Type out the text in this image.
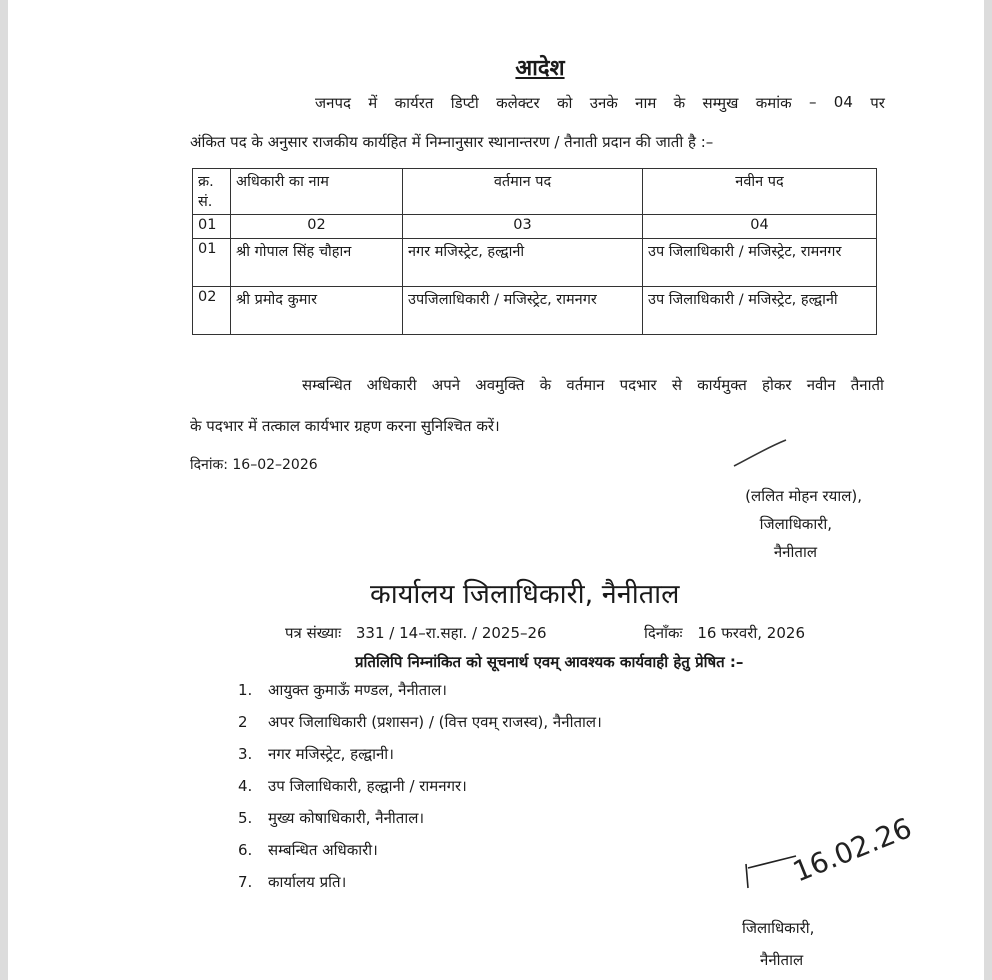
आदेश
जनपद में कार्यरत डिप्टी कलेक्टर को उनके नाम के सम्मुख कमांक – 04 पर
अंकित पद के अनुसार राजकीय कार्यहित में निम्नानुसार स्थानान्तरण / तैनाती प्रदान की जाती है :–
क्र. सं.	अधिकारी का नाम	वर्तमान पद	नवीन पद
01	02	03	04
01	श्री गोपाल सिंह चौहान	नगर मजिस्ट्रेट, हल्द्वानी	उप जिलाधिकारी / मजिस्ट्रेट, रामनगर
02	श्री प्रमोद कुमार	उपजिलाधिकारी / मजिस्ट्रेट, रामनगर	उप जिलाधिकारी / मजिस्ट्रेट, हल्द्वानी
सम्बन्धित अधिकारी अपने अवमुक्ति के वर्तमान पदभार से कार्यमुक्त होकर नवीन तैनाती
के पदभार में तत्काल कार्यभार ग्रहण करना सुनिश्चित करें।
दिनांक: 16–02–2026
(ललित मोहन रयाल),
जिलाधिकारी,
नैनीताल
कार्यालय जिलाधिकारी, नैनीताल
पत्र संख्याः 331 / 14–रा.सहा. / 2025–26	दिनाँकः 16 फरवरी, 2026
प्रतिलिपि निम्नांकित को सूचनार्थ एवम् आवश्यक कार्यवाही हेतु प्रेषित :–
1.	आयुक्त कुमाऊँ मण्डल, नैनीताल।
2	अपर जिलाधिकारी (प्रशासन) / (वित्त एवम् राजस्व), नैनीताल।
3.	नगर मजिस्ट्रेट, हल्द्वानी।
4.	उप जिलाधिकारी, हल्द्वानी / रामनगर।
5.	मुख्य कोषाधिकारी, नैनीताल।
6.	सम्बन्धित अधिकारी।
7.	कार्यालय प्रति।	16.02.26
जिलाधिकारी,
नैनीताल
